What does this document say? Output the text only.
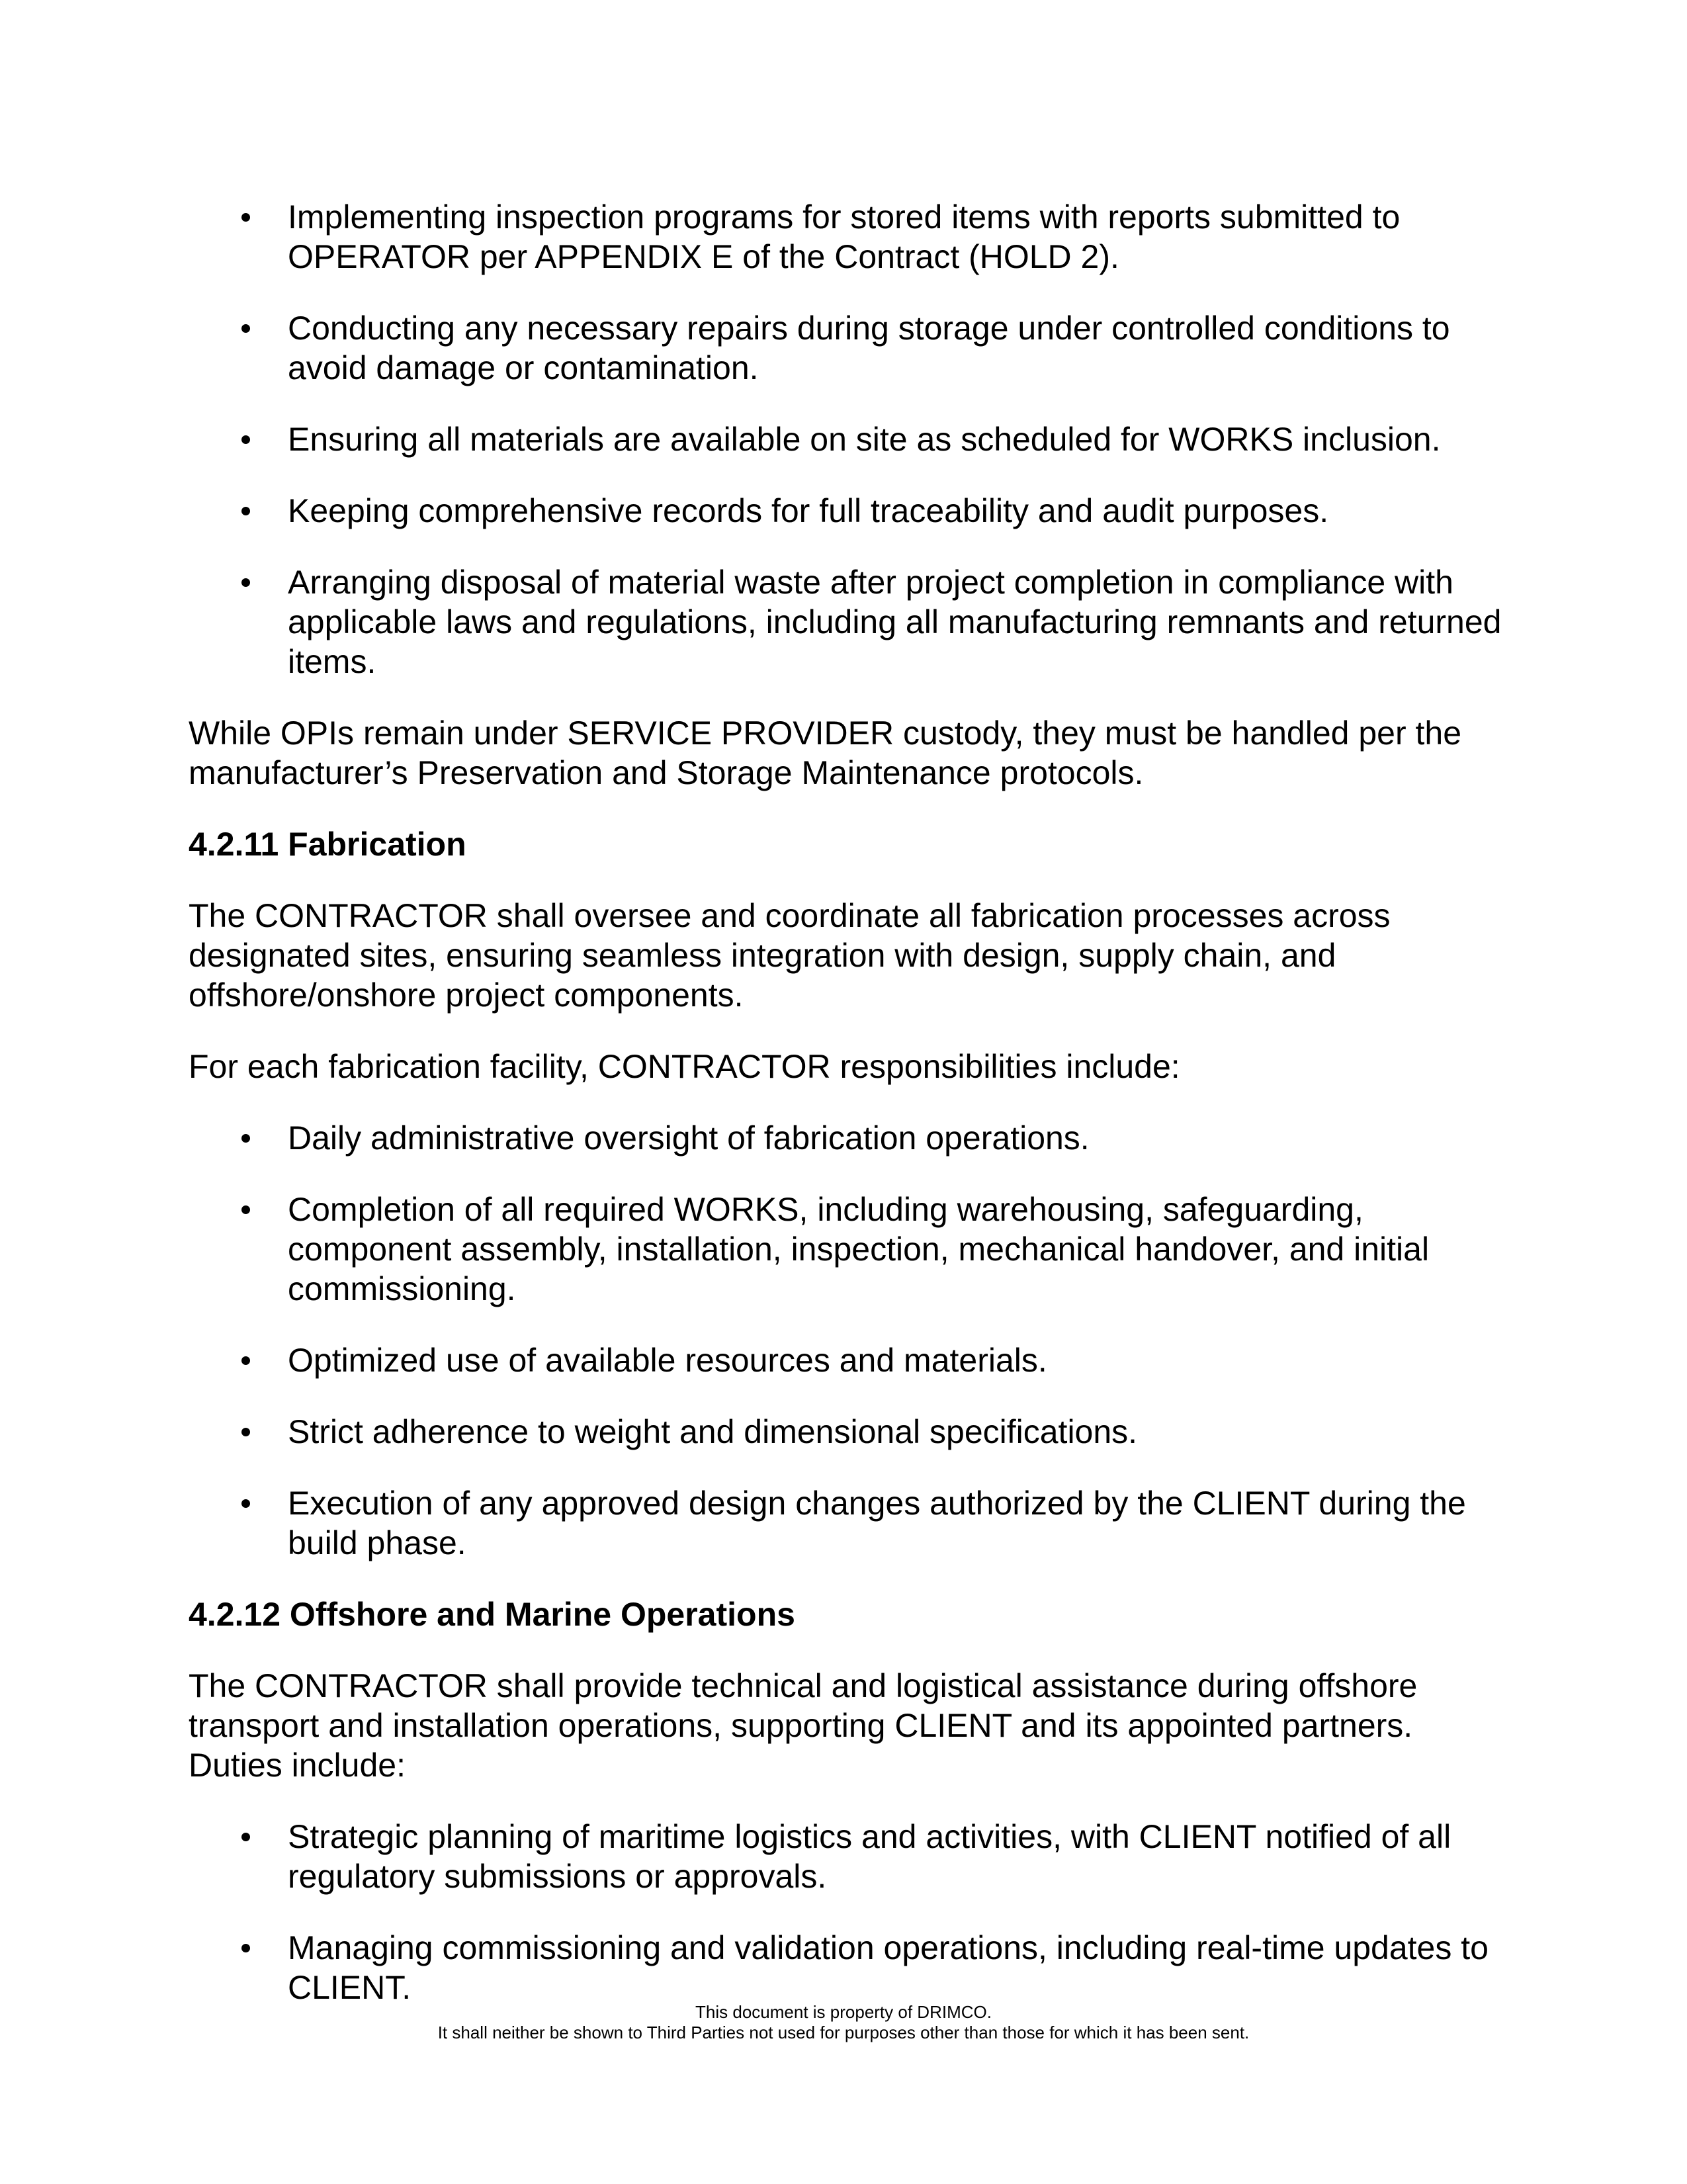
Implementing inspection programs for stored items with reports submitted to OPERATOR per APPENDIX E of the Contract (HOLD 2).
Conducting any necessary repairs during storage under controlled conditions to avoid damage or contamination.
Ensuring all materials are available on site as scheduled for WORKS inclusion.
Keeping comprehensive records for full traceability and audit purposes.
Arranging disposal of material waste after project completion in compliance with applicable laws and regulations, including all manufacturing remnants and returned items.
While OPIs remain under SERVICE PROVIDER custody, they must be handled per the manufacturer’s Preservation and Storage Maintenance protocols.
4.2.11 Fabrication
The CONTRACTOR shall oversee and coordinate all fabrication processes across designated sites, ensuring seamless integration with design, supply chain, and offshore/onshore project components.
For each fabrication facility, CONTRACTOR responsibilities include:
Daily administrative oversight of fabrication operations.
Completion of all required WORKS, including warehousing, safeguarding, component assembly, installation, inspection, mechanical handover, and initial commissioning.
Optimized use of available resources and materials.
Strict adherence to weight and dimensional specifications.
Execution of any approved design changes authorized by the CLIENT during the build phase.
4.2.12 Offshore and Marine Operations
The CONTRACTOR shall provide technical and logistical assistance during offshore transport and installation operations, supporting CLIENT and its appointed partners. Duties include:
Strategic planning of maritime logistics and activities, with CLIENT notified of all regulatory submissions or approvals.
Managing commissioning and validation operations, including real-time updates to CLIENT.
This document is property of DRIMCO.
It shall neither be shown to Third Parties not used for purposes other than those for which it has been sent.
